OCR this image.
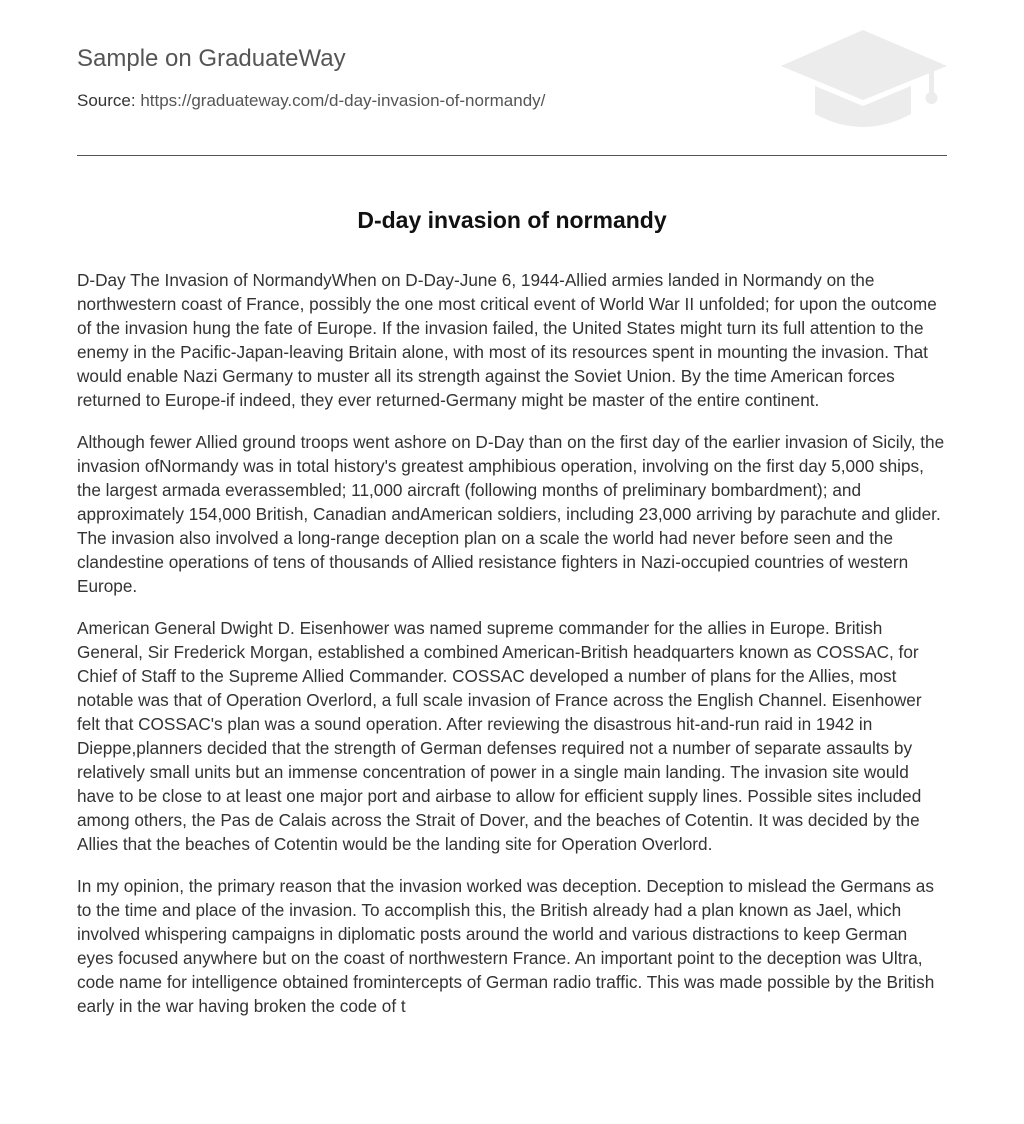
Sample on GraduateWay
Source: https://graduateway.com/d-day-invasion-of-normandy/
D-day invasion of normandy

D-Day The Invasion of NormandyWhen on D-Day-June 6, 1944-Allied armies landed in Normandy on the northwestern coast of France, possibly the one most critical event of World War II unfolded; for upon the outcome of the invasion hung the fate of Europe. If the invasion failed, the United States might turn its full attention to the enemy in the Pacific-Japan-leaving Britain alone, with most of its resources spent in mounting the invasion. That would enable Nazi Germany to muster all its strength against the Soviet Union. By the time American forces returned to Europe-if indeed, they ever returned-Germany might be master of the entire continent.

Although fewer Allied ground troops went ashore on D-Day than on the first day of the earlier invasion of Sicily, the invasion ofNormandy was in total history's greatest amphibious operation, involving on the first day 5,000 ships, the largest armada everassembled; 11,000 aircraft (following months of preliminary bombardment); and approximately 154,000 British, Canadian andAmerican soldiers, including 23,000 arriving by parachute and glider. The invasion also involved a long-range deception plan on a scale the world had never before seen and the clandestine operations of tens of thousands of Allied resistance fighters in Nazi-occupied countries of western Europe.

American General Dwight D. Eisenhower was named supreme commander for the allies in Europe. British General, Sir Frederick Morgan, established a combined American-British headquarters known as COSSAC, for Chief of Staff to the Supreme Allied Commander. COSSAC developed a number of plans for the Allies, most notable was that of Operation Overlord, a full scale invasion of France across the English Channel. Eisenhower felt that COSSAC's plan was a sound operation. After reviewing the disastrous hit-and-run raid in 1942 in Dieppe,planners decided that the strength of German defenses required not a number of separate assaults by relatively small units but an immense concentration of power in a single main landing. The invasion site would have to be close to at least one major port and airbase to allow for efficient supply lines. Possible sites included among others, the Pas de Calais across the Strait of Dover, and the beaches of Cotentin. It was decided by the Allies that the beaches of Cotentin would be the landing site for Operation Overlord.

In my opinion, the primary reason that the invasion worked was deception. Deception to mislead the Germans as to the time and place of the invasion. To accomplish this, the British already had a plan known as Jael, which involved whispering campaigns in diplomatic posts around the world and various distractions to keep German eyes focused anywhere but on the coast of northwestern France. An important point to the deception was Ultra, code name for intelligence obtained fromintercepts of German radio traffic. This was made possible by the British early in the war having broken the code of t
